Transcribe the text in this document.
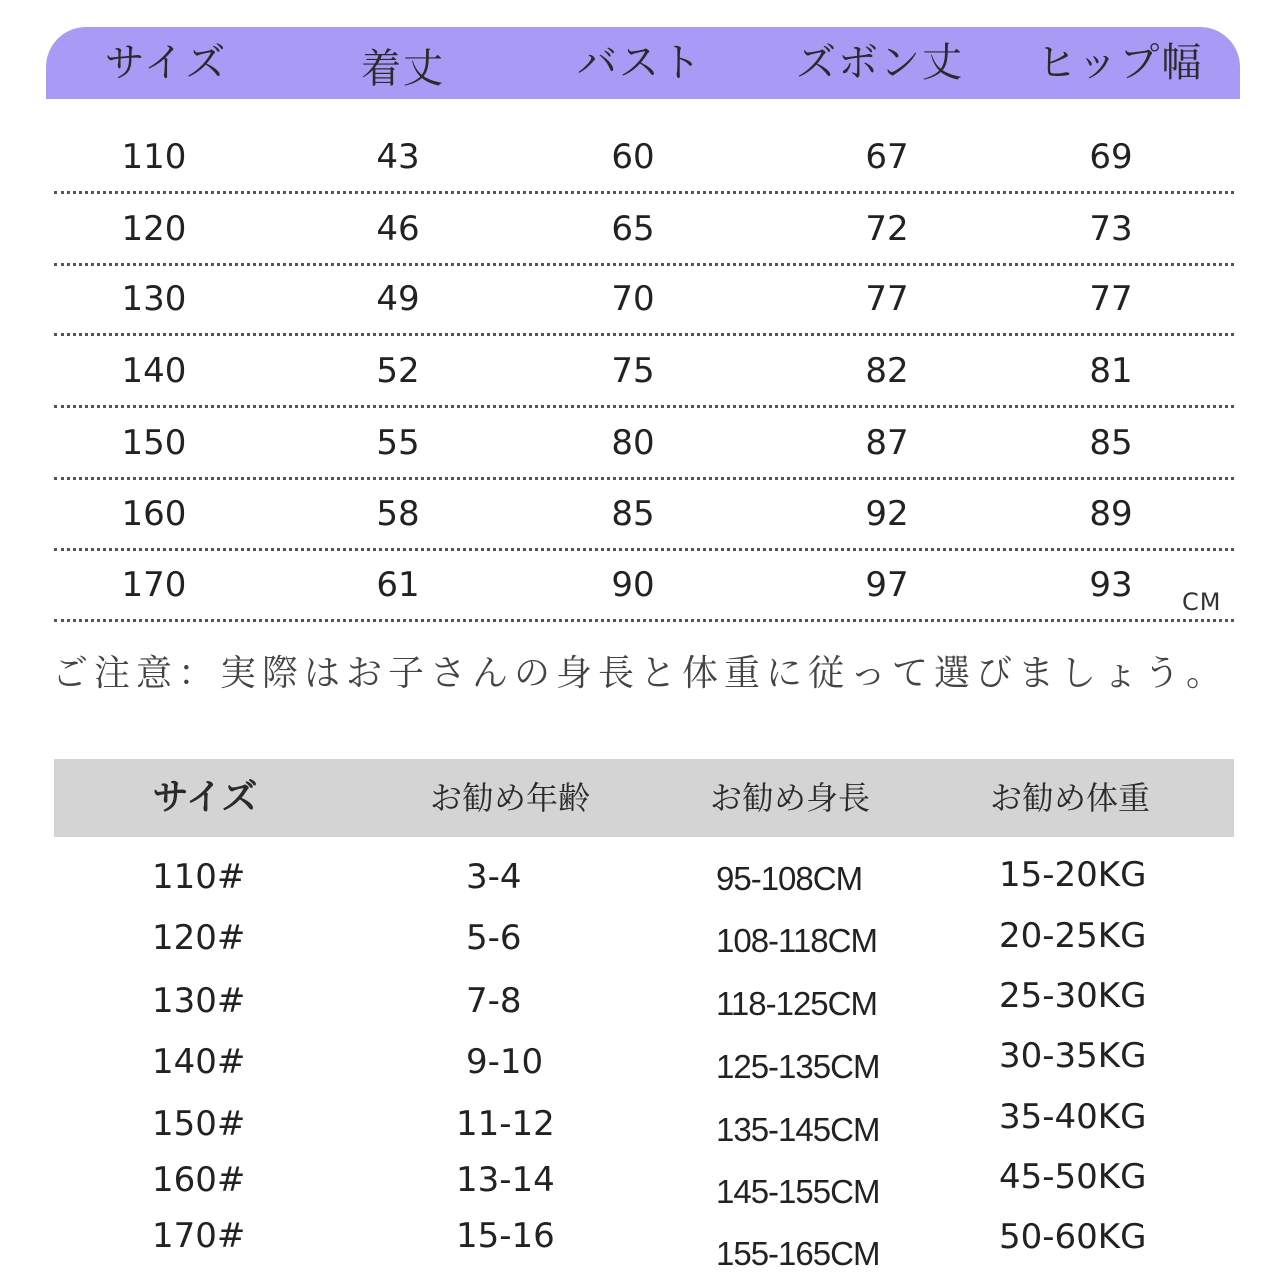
サイズ	着丈	バスト	ズボン丈	ヒップ幅
110	43	60	67	69
120	46	65	72	73
130	49	70	77	77
140	52	75	82	81
150	55	80	87	85
160	58	85	92	89
170	61	90	97	93	CM
ご注意：実際はお子さんの身長と体重に従って選びましょう。
サイズ	お勧め年齢	お勧め身長	お勧め体重
110#	3-4	95-108CM	15-20KG
120#	5-6	108-118CM	20-25KG
130#	7-8	118-125CM	25-30KG
140#	9-10	125-135CM	30-35KG
150#	11-12	135-145CM	35-40KG
160#	13-14	145-155CM	45-50KG
170#	15-16	155-165CM	50-60KG
